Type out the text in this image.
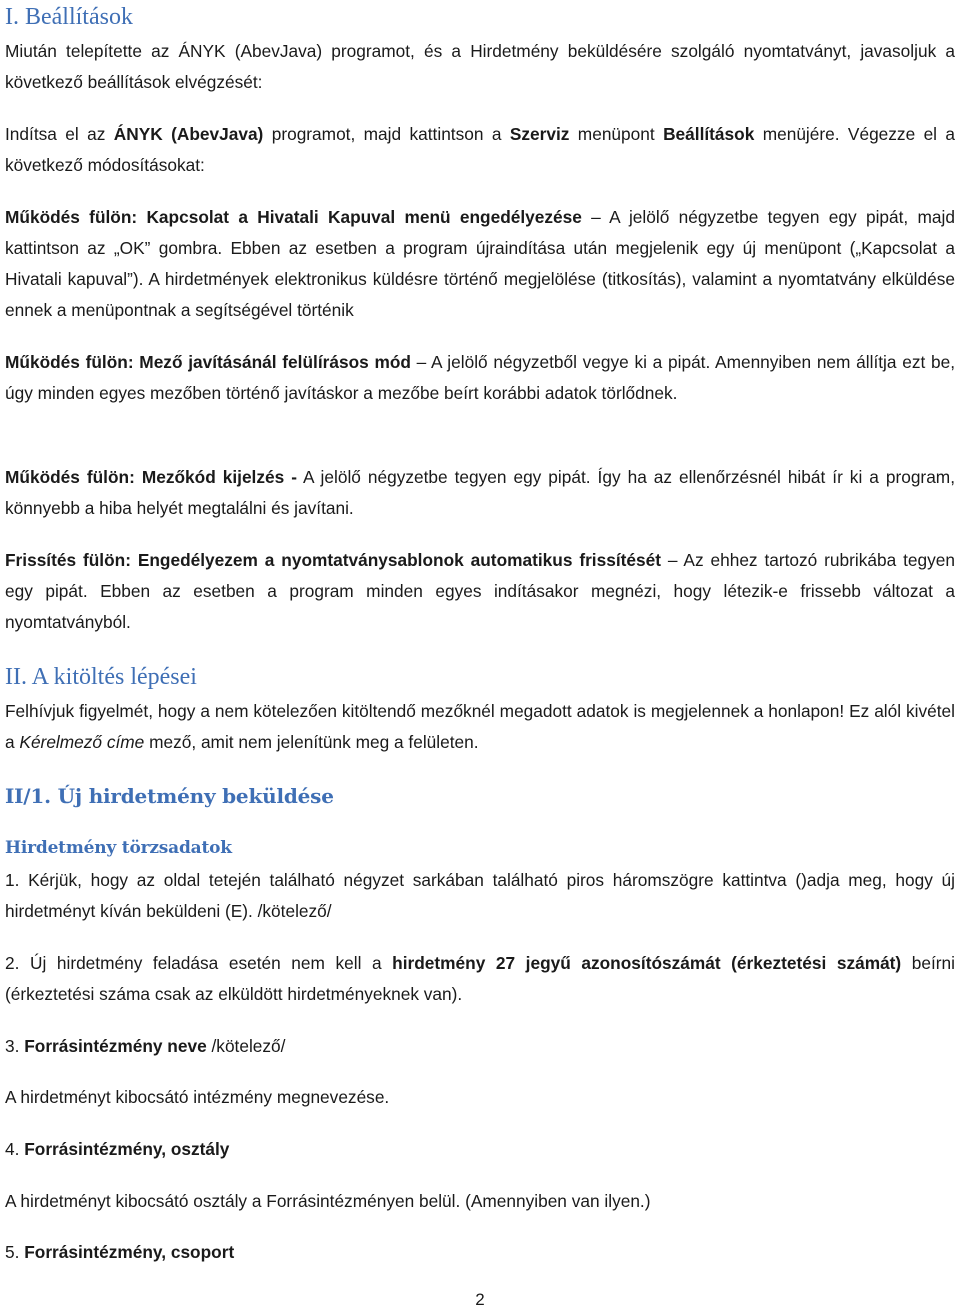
I. Beállítások

Miután telepítette az ÁNYK (AbevJava) programot, és a Hirdetmény beküldésére szolgáló nyomtatványt, javasoljuk a következő beállítások elvégzését:

Indítsa el az ÁNYK (AbevJava) programot, majd kattintson a Szerviz menüpont Beállítások menüjére. Végezze el a következő módosításokat:

Működés fülön: Kapcsolat a Hivatali Kapuval menü engedélyezése – A jelölő négyzetbe tegyen egy pipát, majd kattintson az „OK” gombra. Ebben az esetben a program újraindítása után megjelenik egy új menüpont („Kapcsolat a Hivatali kapuval”). A hirdetmények elektronikus küldésre történő megjelölése (titkosítás), valamint a nyomtatvány elküldése ennek a menüpontnak a segítségével történik

Működés fülön: Mező javításánál felülírásos mód – A jelölő négyzetből vegye ki a pipát. Amennyiben nem állítja ezt be, úgy minden egyes mezőben történő javításkor a mezőbe beírt korábbi adatok törlődnek.

Működés fülön: Mezőkód kijelzés - A jelölő négyzetbe tegyen egy pipát. Így ha az ellenőrzésnél hibát ír ki a program, könnyebb a hiba helyét megtalálni és javítani.

Frissítés fülön: Engedélyezem a nyomtatványsablonok automatikus frissítését – Az ehhez tartozó rubrikába tegyen egy pipát. Ebben az esetben a program minden egyes indításakor megnézi, hogy létezik-e frissebb változat a nyomtatványból.

II. A kitöltés lépései

Felhívjuk figyelmét, hogy a nem kötelezően kitöltendő mezőknél megadott adatok is megjelennek a honlapon! Ez alól kivétel a Kérelmező címe mező, amit nem jelenítünk meg a felületen.

II/1. Új hirdetmény beküldése
Hirdetmény törzsadatok

1. Kérjük, hogy az oldal tetején található négyzet sarkában található piros háromszögre kattintva ()adja meg, hogy új hirdetményt kíván beküldeni (E). /kötelező/

2. Új hirdetmény feladása esetén nem kell a hirdetmény 27 jegyű azonosítószámát (érkeztetési számát) beírni (érkeztetési száma csak az elküldött hirdetményeknek van).

3. Forrásintézmény neve /kötelező/

A hirdetményt kibocsátó intézmény megnevezése.

4. Forrásintézmény, osztály

A hirdetményt kibocsátó osztály a Forrásintézményen belül. (Amennyiben van ilyen.)

5. Forrásintézmény, csoport

2
